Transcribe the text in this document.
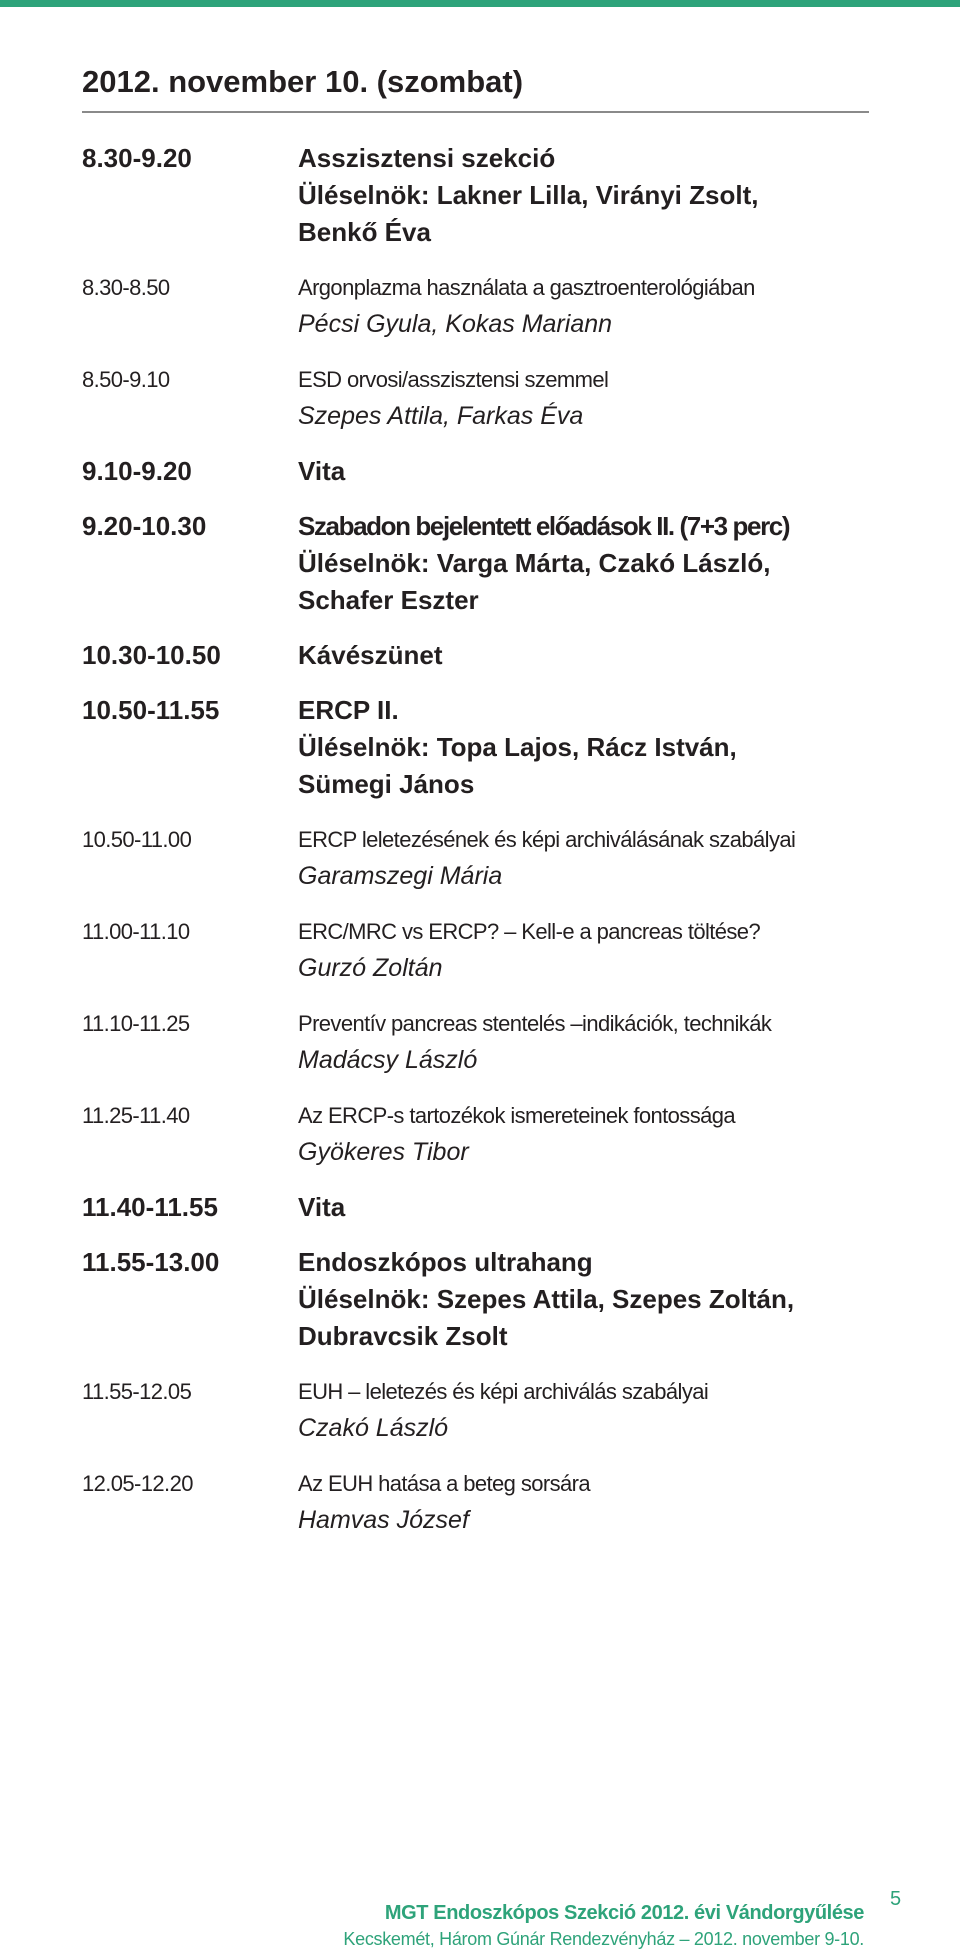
2012. november 10. (szombat)
8.30-9.20	Asszisztensi szekció
Üléselnök: Lakner Lilla, Virányi Zsolt,
Benkő Éva
8.30-8.50	Argonplazma használata a gasztroenterológiában
Pécsi Gyula, Kokas Mariann
8.50-9.10	ESD orvosi/asszisztensi szemmel
Szepes Attila, Farkas Éva
9.10-9.20	Vita
9.20-10.30	Szabadon bejelentett előadások II. (7+3 perc)
Üléselnök: Varga Márta, Czakó László,
Schafer Eszter
10.30-10.50	Kávészünet
10.50-11.55	ERCP II.
Üléselnök: Topa Lajos, Rácz István,
Sümegi János
10.50-11.00	ERCP leletezésének és képi archiválásának szabályai
Garamszegi Mária
11.00-11.10	ERC/MRC vs ERCP? – Kell-e a pancreas töltése?
Gurzó Zoltán
11.10-11.25	Preventív pancreas stentelés –indikációk, technikák
Madácsy László
11.25-11.40	Az ERCP-s tartozékok ismereteinek fontossága
Gyökeres Tibor
11.40-11.55	Vita
11.55-13.00	Endoszkópos ultrahang
Üléselnök: Szepes Attila, Szepes Zoltán,
Dubravcsik Zsolt
11.55-12.05	EUH – leletezés és képi archiválás szabályai
Czakó László
12.05-12.20	Az EUH hatása a beteg sorsára
Hamvas József
MGT Endoszkópos Szekció 2012. évi Vándorgyűlése
Kecskemét, Három Gúnár Rendezvényház – 2012. november 9-10.
5
